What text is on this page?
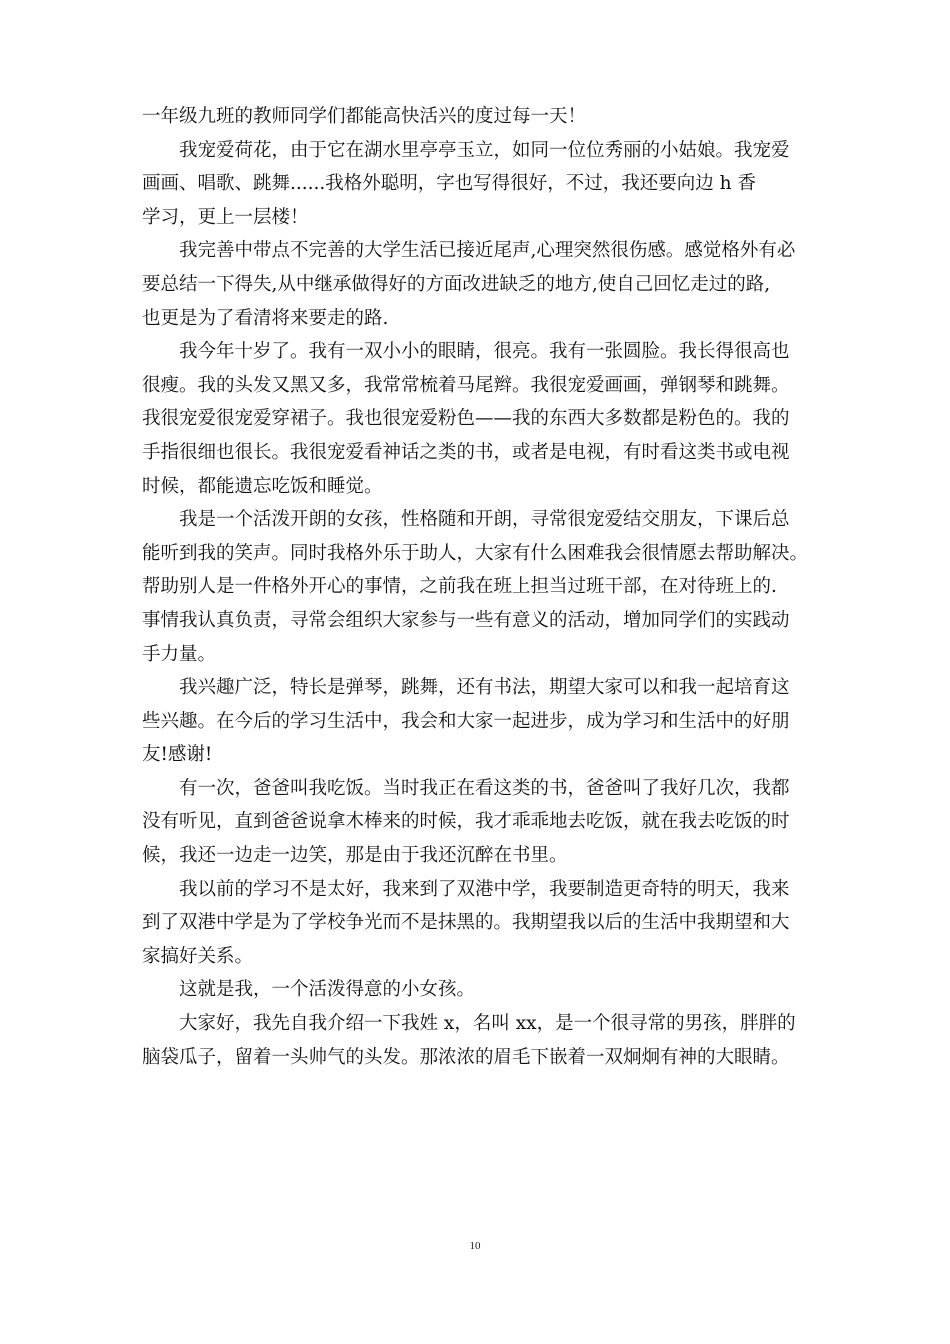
一年级九班的教师同学们都能高快活兴的度过每一天！

我宠爱荷花，由于它在湖水里亭亭玉立，如同一位位秀丽的小姑娘。我宠爱
画画、唱歌、跳舞......我格外聪明，字也写得很好，不过，我还要向边 h 香
学习，更上一层楼！

我完善中带点不完善的大学生活已接近尾声,心理突然很伤感。感觉格外有必
要总结一下得失,从中继承做得好的方面改进缺乏的地方,使自己回忆走过的路,
也更是为了看清将来要走的路.

我今年十岁了。我有一双小小的眼睛，很亮。我有一张圆脸。我长得很高也
很瘦。我的头发又黑又多，我常常梳着马尾辫。我很宠爱画画，弹钢琴和跳舞。
我很宠爱很宠爱穿裙子。我也很宠爱粉色——我的东西大多数都是粉色的。我的
手指很细也很长。我很宠爱看神话之类的书，或者是电视，有时看这类书或电视
时候，都能遗忘吃饭和睡觉。

我是一个活泼开朗的女孩，性格随和开朗，寻常很宠爱结交朋友，下课后总
能听到我的笑声。同时我格外乐于助人，大家有什么困难我会很情愿去帮助解决。
帮助别人是一件格外开心的事情，之前我在班上担当过班干部，在对待班上的.
事情我认真负责，寻常会组织大家参与一些有意义的活动，增加同学们的实践动
手力量。

我兴趣广泛，特长是弹琴，跳舞，还有书法，期望大家可以和我一起培育这
些兴趣。在今后的学习生活中，我会和大家一起进步，成为学习和生活中的好朋
友!感谢!

有一次，爸爸叫我吃饭。当时我正在看这类的书，爸爸叫了我好几次，我都
没有听见，直到爸爸说拿木棒来的时候，我才乖乖地去吃饭，就在我去吃饭的时
候，我还一边走一边笑，那是由于我还沉醉在书里。

我以前的学习不是太好，我来到了双港中学，我要制造更奇特的明天，我来
到了双港中学是为了学校争光而不是抹黑的。我期望我以后的生活中我期望和大
家搞好关系。

这就是我，一个活泼得意的小女孩。

大家好，我先自我介绍一下我姓 x，名叫 xx，是一个很寻常的男孩，胖胖的
脑袋瓜子，留着一头帅气的头发。那浓浓的眉毛下嵌着一双炯炯有神的大眼睛。

10
